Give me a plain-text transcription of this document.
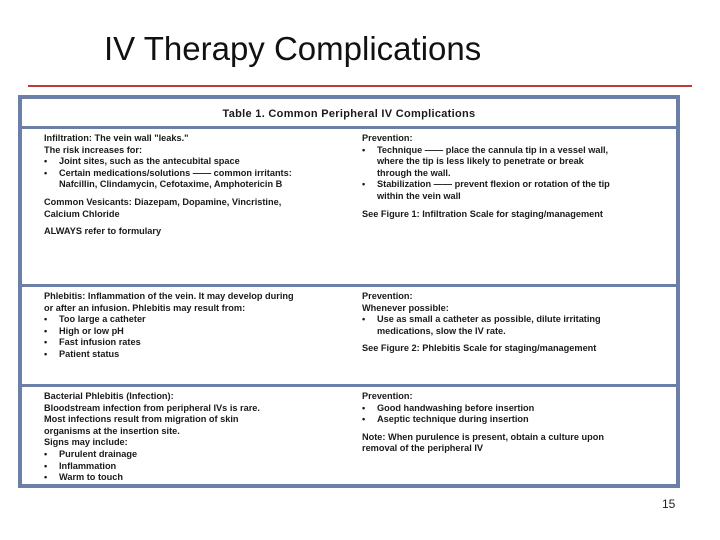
IV Therapy Complications
Table 1. Common Peripheral IV Complications
Infiltration: The vein wall "leaks."
The risk increases for:
• Joint sites, such as the antecubital space
• Certain medications/solutions —— common irritants:
Nafcillin, Clindamycin, Cefotaxime, Amphotericin B
Common Vesicants: Diazepam, Dopamine, Vincristine,
Calcium Chloride
ALWAYS refer to formulary
Prevention:
• Technique —— place the cannula tip in a vessel wall,
where the tip is less likely to penetrate or break
through the wall.
• Stabilization —— prevent flexion or rotation of the tip
within the vein wall
See Figure 1: Infiltration Scale for staging/management
Phlebitis: Inflammation of the vein. It may develop during
or after an infusion. Phlebitis may result from:
• Too large a catheter
• High or low pH
• Fast infusion rates
• Patient status
Prevention:
Whenever possible:
• Use as small a catheter as possible, dilute irritating
medications, slow the IV rate.
See Figure 2: Phlebitis Scale for staging/management
Bacterial Phlebitis (Infection):
Bloodstream infection from peripheral IVs is rare.
Most infections result from migration of skin
organisms at the insertion site.
Signs may include:
• Purulent drainage
• Inflammation
• Warm to touch
Prevention:
• Good handwashing before insertion
• Aseptic technique during insertion
Note: When purulence is present, obtain a culture upon
removal of the peripheral IV
15
